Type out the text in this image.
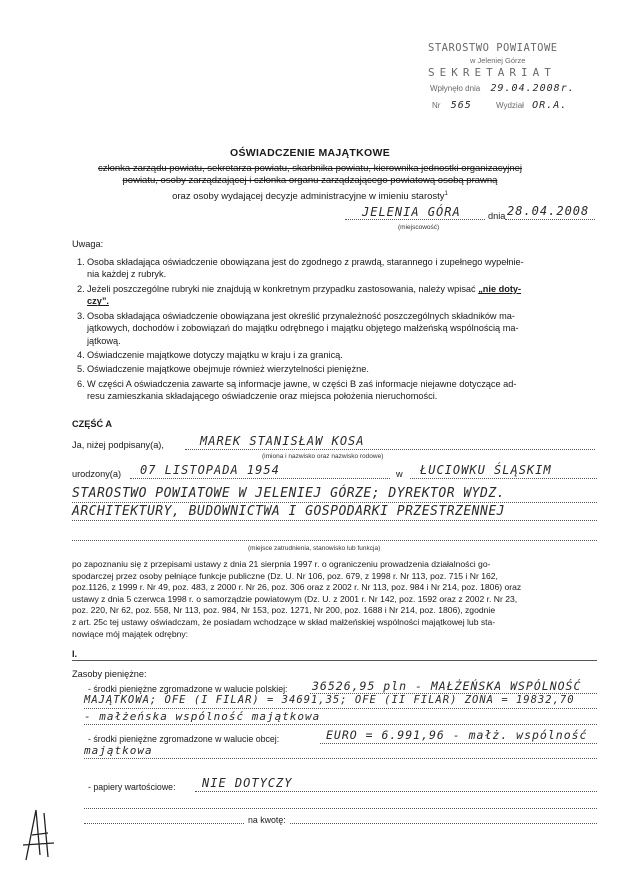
STAROSTWO POWIATOWE
w Jeleniej Górze
SEKRETARIAT
Wpłynęło dnia 29.04.2008r.
Nr 565	Wydział OR.A.
OŚWIADCZENIE MAJĄTKOWE
członka zarządu powiatu, sekretarza powiatu, skarbnika powiatu, kierownika jednostki organizacyjnej
powiatu, osoby zarządzającej i członka organu zarządzającego powiatową osobą prawną
oraz osoby wydającej decyzje administracyjne w imieniu starosty$^1$
JELENIA GÓRA	dnia 28.04.2008
(miejscowość)
Uwaga:
1. Osoba składająca oświadczenie obowiązana jest do zgodnego z prawdą, starannego i zupełnego wypełnie-
nia każdej z rubryk.
2. Jeżeli poszczególne rubryki nie znajdują w konkretnym przypadku zastosowania, należy wpisać „nie doty-
czy”.
3. Osoba składająca oświadczenie obowiązana jest określić przynależność poszczególnych składników ma-
jątkowych, dochodów i zobowiązań do majątku odrębnego i majątku objętego małżeńską wspólnością ma-
jątkową.
4. Oświadczenie majątkowe dotyczy majątku w kraju i za granicą.
5. Oświadczenie majątkowe obejmuje również wierzytelności pieniężne.
6. W części A oświadczenia zawarte są informacje jawne, w części B zaś informacje niejawne dotyczące ad-
resu zamieszkania składającego oświadczenie oraz miejsca położenia nieruchomości.
CZĘŚĆ A
Ja, niżej podpisany(a),	MAREK STANISŁAW KOSA
(imiona i nazwisko oraz nazwisko rodowe)
urodzony(a) 07 LISTOPADA 1954	w ŁUCIOWKU ŚLĄSKIM
STAROSTWO POWIATOWE W JELENIEJ GÓRZE; DYREKTOR WYDZ.
ARCHITEKTURY, BUDOWNICTWA I GOSPODARKI PRZESTRZENNEJ
(miejsce zatrudnienia, stanowisko lub funkcja)
po zapoznaniu się z przepisami ustawy z dnia 21 sierpnia 1997 r. o ograniczeniu prowadzenia działalności go-
spodarczej przez osoby pełniące funkcje publiczne (Dz. U. Nr 106, poz. 679, z 1998 r. Nr 113, poz. 715 i Nr 162,
poz.1126, z 1999 r. Nr 49, poz. 483, z 2000 r. Nr 26, poz. 306 oraz z 2002 r. Nr 113, poz. 984 i Nr 214, poz. 1806) oraz
ustawy z dnia 5 czerwca 1998 r. o samorządzie powiatowym (Dz. U. z 2001 r. Nr 142, poz. 1592 oraz z 2002 r. Nr 23,
poz. 220, Nr 62, poz. 558, Nr 113, poz. 984, Nr 153, poz. 1271, Nr 200, poz. 1688 i Nr 214, poz. 1806), zgodnie
z art. 25c tej ustawy oświadczam, że posiadam wchodzące w skład małżeńskiej wspólności majątkowej lub sta-
nowiące mój majątek odrębny:
I.
Zasoby pieniężne:
- środki pieniężne zgromadzone w walucie polskiej: 36526,95 pln - MAŁŻEŃSKA WSPÓLNOŚĆ
MAJĄTKOWA; OFE (I FILAR) = 34691,35; OFE (II FILAR) ZONA = 19832,70
- małżeńska wspólność majątkowa
- środki pieniężne zgromadzone w walucie obcej:	EURO = 6.991,96 - małż. wspólność
majątkowa
- papiery wartościowe: NIE DOTYCZY
na kwotę:
